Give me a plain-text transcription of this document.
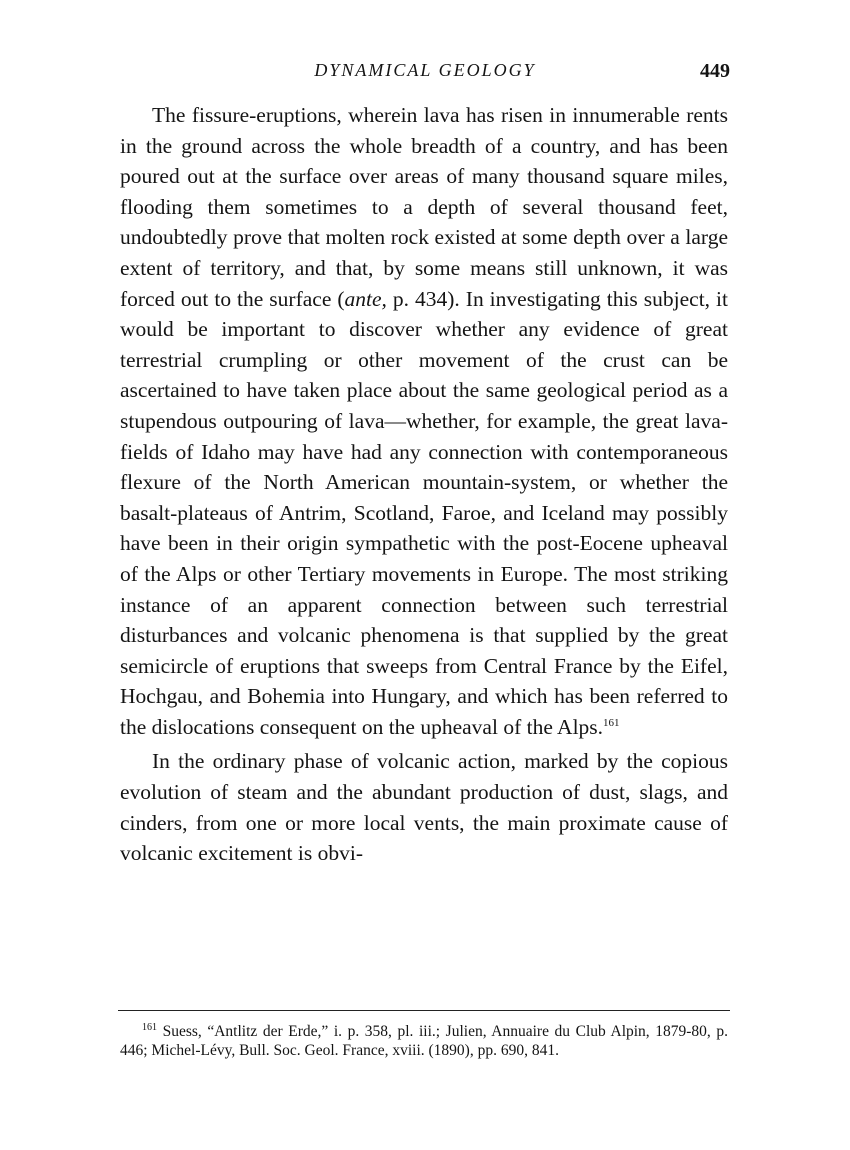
DYNAMICAL GEOLOGY	449

The fissure-eruptions, wherein lava has risen in innumerable rents in the ground across the whole breadth of a country, and has been poured out at the surface over areas of many thousand square miles, flooding them sometimes to a depth of several thousand feet, undoubtedly prove that molten rock existed at some depth over a large extent of territory, and that, by some means still unknown, it was forced out to the surface (ante, p. 434). In investigating this subject, it would be important to discover whether any evidence of great terrestrial crumpling or other movement of the crust can be ascertained to have taken place about the same geological period as a stupendous outpouring of lava—whether, for example, the great lava-fields of Idaho may have had any connection with contemporaneous flexure of the North American mountain-system, or whether the basalt-plateaus of Antrim, Scotland, Faroe, and Iceland may possibly have been in their origin sympathetic with the post-Eocene upheaval of the Alps or other Tertiary movements in Europe. The most striking instance of an apparent connection between such terrestrial disturbances and volcanic phenomena is that supplied by the great semicircle of eruptions that sweeps from Central France by the Eifel, Hochgau, and Bohemia into Hungary, and which has been referred to the dislocations consequent on the upheaval of the Alps.$^{161}$

In the ordinary phase of volcanic action, marked by the copious evolution of steam and the abundant production of dust, slags, and cinders, from one or more local vents, the main proximate cause of volcanic excitement is obvi-

$^{161}$ Suess, “Antlitz der Erde,” i. p. 358, pl. iii.; Julien, Annuaire du Club Alpin, 1879-80, p. 446; Michel-Lévy, Bull. Soc. Geol. France, xviii. (1890), pp. 690, 841.
